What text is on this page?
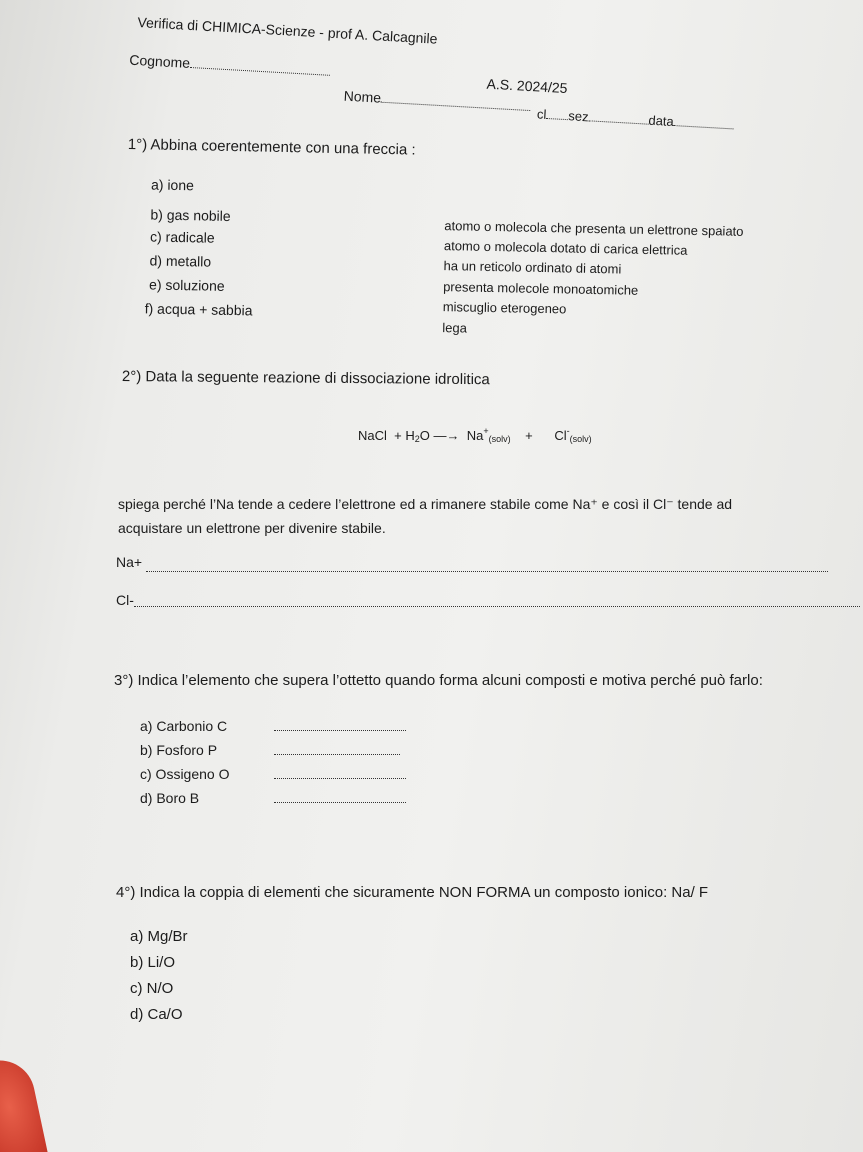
Verifica di CHIMICA-Scienze - prof A. Calcagnile
A.S. 2024/25
Cognome
Nome
cl sez	data
1°) Abbina coerentemente con una freccia :
a) ione
b) gas nobile
c) radicale
d) metallo
e) soluzione
f) acqua + sabbia
atomo o molecola che presenta un elettrone spaiato
atomo o molecola dotato di carica elettrica
ha un reticolo ordinato di atomi
presenta molecole monoatomiche
miscuglio eterogeneo
lega
2°) Data la seguente reazione di dissociazione idrolitica
NaCl + $H_2O$ —→ $Na^+_{(solv)} + Cl^-_{(solv)}$
spiega perché l’Na tende a cedere l’elettrone ed a rimanere stabile come Na⁺ e così il Cl⁻ tende ad
acquistare un elettrone per divenire stabile.
Na+
Cl-
3°) Indica l’elemento che supera l’ottetto quando forma alcuni composti e motiva perché può farlo:
a) Carbonio C
b) Fosforo P
c) Ossigeno O
d) Boro B
4°) Indica la coppia di elementi che sicuramente NON FORMA un composto ionico: Na/ F
a) Mg/Br
b) Li/O
c) N/O
d) Ca/O
